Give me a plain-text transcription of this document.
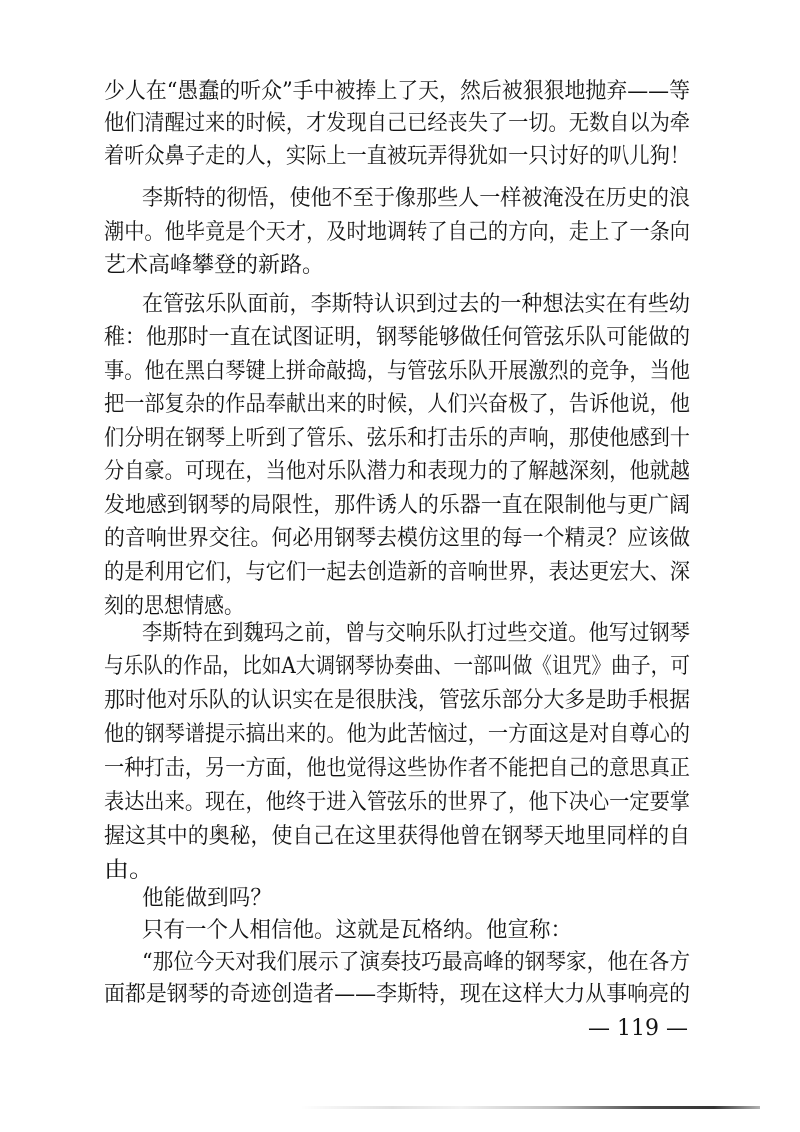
少人在“愚蠢的听众”手中被捧上了天，然后被狠狠地抛弃——等
他们清醒过来的时候，才发现自己已经丧失了一切。无数自以为牵
着听众鼻子走的人，实际上一直被玩弄得犹如一只讨好的叭儿狗！
李斯特的彻悟，使他不至于像那些人一样被淹没在历史的浪
潮中。他毕竟是个天才，及时地调转了自己的方向，走上了一条向
艺术高峰攀登的新路。
在管弦乐队面前，李斯特认识到过去的一种想法实在有些幼
稚：他那时一直在试图证明，钢琴能够做任何管弦乐队可能做的
事。他在黑白琴键上拼命敲捣，与管弦乐队开展激烈的竞争，当他
把一部复杂的作品奉献出来的时候，人们兴奋极了，告诉他说，他
们分明在钢琴上听到了管乐、弦乐和打击乐的声响，那使他感到十
分自豪。可现在，当他对乐队潜力和表现力的了解越深刻，他就越
发地感到钢琴的局限性，那件诱人的乐器一直在限制他与更广阔
的音响世界交往。何必用钢琴去模仿这里的每一个精灵？应该做
的是利用它们，与它们一起去创造新的音响世界，表达更宏大、深
刻的思想情感。
李斯特在到魏玛之前，曾与交响乐队打过些交道。他写过钢琴
与乐队的作品，比如A大调钢琴协奏曲、一部叫做《诅咒》曲子，可
那时他对乐队的认识实在是很肤浅，管弦乐部分大多是助手根据
他的钢琴谱提示搞出来的。他为此苦恼过，一方面这是对自尊心的
一种打击，另一方面，他也觉得这些协作者不能把自己的意思真正
表达出来。现在，他终于进入管弦乐的世界了，他下决心一定要掌
握这其中的奥秘，使自己在这里获得他曾在钢琴天地里同样的自
由。
他能做到吗？
只有一个人相信他。这就是瓦格纳。他宣称：
“那位今天对我们展示了演奏技巧最高峰的钢琴家，他在各方
面都是钢琴的奇迹创造者——李斯特，现在这样大力从事响亮的
— 119 —
